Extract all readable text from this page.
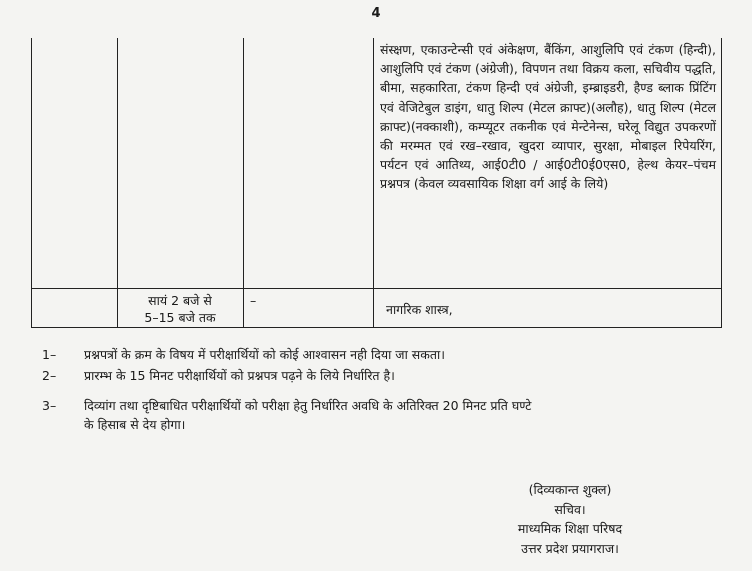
4
संस्क्षण, एकाउन्टेन्सी एवं अंकेक्षण, बैंकिंग, आशुलिपि एवं टंकण (हिन्दी), आशुलिपि एवं टंकण (अंग्रेजी), विपणन तथा विक्रय कला, सचिवीय पद्धति, बीमा, सहकारिता, टंकण हिन्दी एवं अंग्रेजी, इम्ब्राइडरी, हैण्ड ब्लाक प्रिंटिंग एवं वेजिटेबुल डाइंग, धातु शिल्प (मेटल क्राफ्ट)(अलौह), धातु शिल्प (मेटल क्राफ्ट)(नक्काशी), कम्प्यूटर तकनीक एवं मेन्टेनेन्स, घरेलू विद्युत उपकरणों की मरम्मत एवं रख–रखाव, खुदरा व्यापार, सुरक्षा, मोबाइल रिपेयरिंग, पर्यटन एवं आतिथ्य, आई0टी0 / आई0टी0ई0एस0, हेल्थ केयर–पंचम प्रश्नपत्र (केवल व्यवसायिक शिक्षा वर्ग आई के लिये)
सायं 2 बजे से
5–15 बजे तक
–
नागरिक शास्त्र,
1– प्रश्नपत्रों के क्रम के विषय में परीक्षार्थियों को कोई आश्वासन नही दिया जा सकता।
2– प्रारम्भ के 15 मिनट परीक्षार्थियों को प्रश्नपत्र पढ़ने के लिये निर्धारित है।
3– दिव्यांग तथा दृष्टिबाधित परीक्षार्थियों को परीक्षा हेतु निर्धारित अवधि के अतिरिक्त 20 मिनट प्रति घण्टे
के हिसाब से देय होगा।
(दिव्यकान्त शुक्ल)
सचिव।
माध्यमिक शिक्षा परिषद
उत्तर प्रदेश प्रयागराज।
